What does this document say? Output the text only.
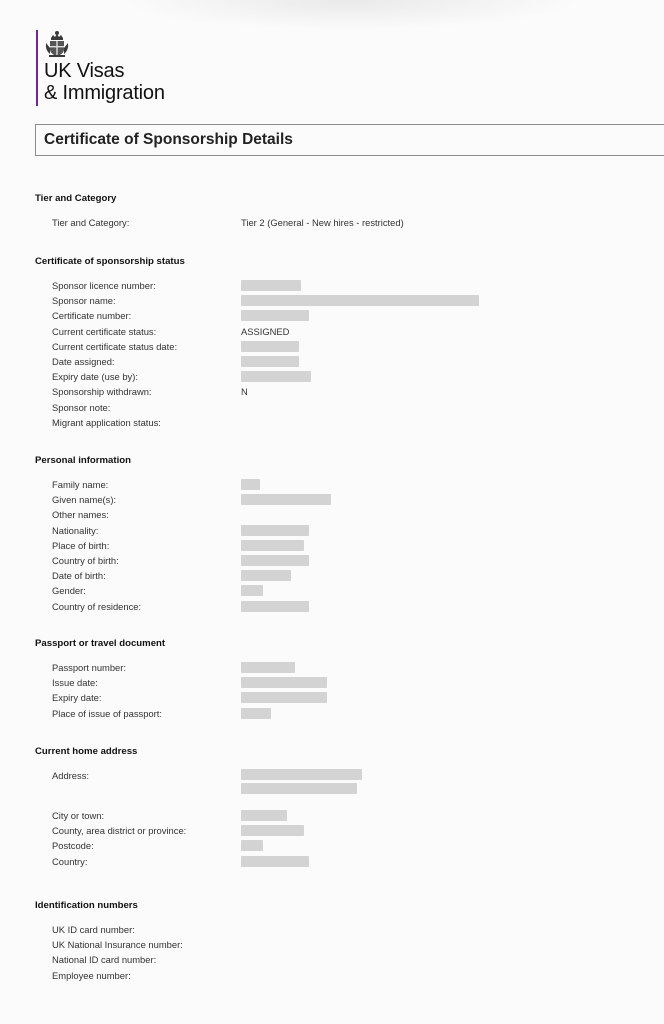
UK Visas
& Immigration
Certificate of Sponsorship Details
Tier and Category
Tier and Category:	Tier 2 (General - New hires - restricted)
Certificate of sponsorship status
Sponsor licence number:
Sponsor name:
Certificate number:
Current certificate status:	ASSIGNED
Current certificate status date:
Date assigned:
Expiry date (use by):
Sponsorship withdrawn:	N
Sponsor note:
Migrant application status:
Personal information
Family name:
Given name(s):
Other names:
Nationality:
Place of birth:
Country of birth:
Date of birth:
Gender:
Country of residence:
Passport or travel document
Passport number:
Issue date:
Expiry date:
Place of issue of passport:
Current home address
Address:
City or town:
County, area district or province:
Postcode:
Country:
Identification numbers
UK ID card number:
UK National Insurance number:
National ID card number:
Employee number:
